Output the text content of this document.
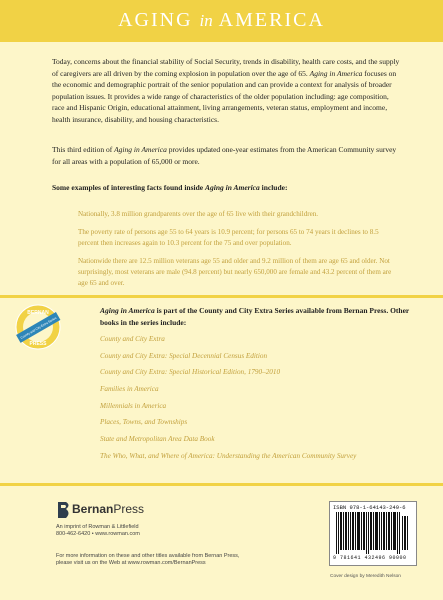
AGING in AMERICA

Today, concerns about the financial stability of Social Security, trends in disability, health care costs, and the supply of caregivers are all driven by the coming explosion in population over the age of 65. Aging in America focuses on the economic and demographic portrait of the senior population and can provide a context for analysis of broader population issues. It provides a wide range of characteristics of the older population including: age composition, race and Hispanic Origin, educational attainment, living arrangements, veteran status, employment and income, health insurance, disability, and housing characteristics.

This third edition of Aging in America provides updated one-year estimates from the American Community survey for all areas with a population of 65,000 or more.

Some examples of interesting facts found inside Aging in America include:

Nationally, 3.8 million grandparents over the age of 65 live with their grandchildren.

The poverty rate of persons age 55 to 64 years is 10.9 percent; for persons 65 to 74 years it declines to 8.5 percent then increases again to 10.3 percent for the 75 and over population.

Nationwide there are 12.5 million veterans age 55 and older and 9.2 million of them are age 65 and older. Not surprisingly, most veterans are male (94.8 percent) but nearly 650,000 are female and 43.2 percent of them are age 65 and over.

BERNAN
County and City Extra Series
PRESS

Aging in America is part of the County and City Extra Series available from Bernan Press. Other books in the series include:

County and City Extra
County and City Extra: Special Decennial Census Edition
County and City Extra: Special Historical Edition, 1790–2010
Families in America
Millennials in America
Places, Towns, and Townships
State and Metropolitan Area Data Book
The Who, What, and Where of America: Understanding the American Community Survey
BernanPress

An imprint of Rowman & Littlefield
800-462-6420 • www.rowman.com

For more information on these and other titles available from Bernan Press,
please visit us on the Web at www.rowman.com/BernanPress

ISBN 978-1-64143-249-6
9 781641 432496 90000
Cover design by Meredith Nelson
